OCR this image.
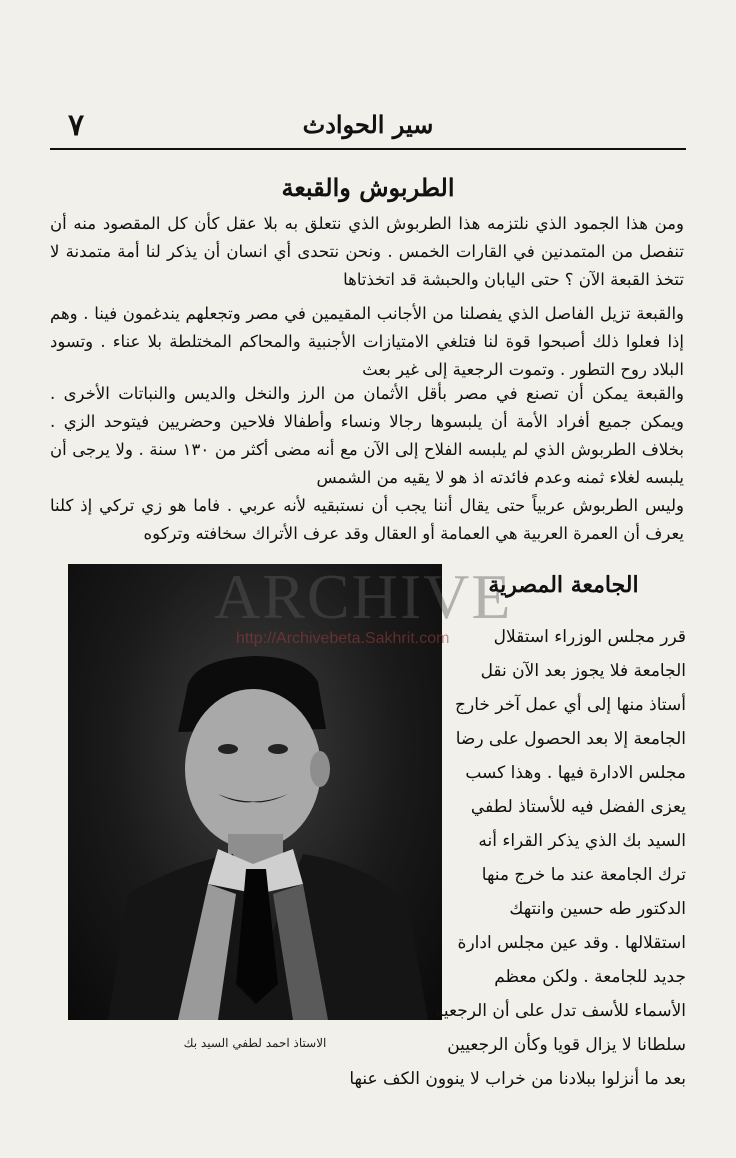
٧	سير الحوادث
الطربوش والقبعة

ومن هذا الجمود الذي نلتزمه هذا الطربوش الذي نتعلق به بلا عقل كأن كل المقصود منه أن تنفصل من المتمدنين في القارات الخمس . ونحن نتحدى أي انسان أن يذكر لنا أمة متمدنة لا تتخذ القبعة الآن ؟ حتى اليابان والحبشة قد اتخذتاها

والقبعة تزيل الفاصل الذي يفصلنا من الأجانب المقيمين في مصر وتجعلهم يندغمون فينا . وهم إذا فعلوا ذلك أصبحوا قوة لنا فتلغي الامتيازات الأجنبية والمحاكم المختلطة بلا عناء . وتسود البلاد روح التطور . وتموت الرجعية إلى غير بعث

والقبعة يمكن أن تصنع في مصر بأقل الأثمان من الرز والنخل والديس والنباتات الأخرى . ويمكن جميع أفراد الأمة أن يلبسوها رجالا ونساء وأطفالا فلاحين وحضريين فيتوحد الزي . بخلاف الطربوش الذي لم يلبسه الفلاح إلى الآن مع أنه مضى أكثر من ١٣٠ سنة . ولا يرجى أن يلبسه لغلاء ثمنه وعدم فائدته اذ هو لا يقيه من الشمس

وليس الطربوش عربياً حتى يقال أننا يجب أن نستبقيه لأنه عربي . فاما هو زي تركي إذ كلنا يعرف أن العمرة العربية هي العمامة أو العقال وقد عرف الأتراك سخافته وتركوه

الاستاذ احمد لطفي السيد بك
الجامعة المصرية

قرر مجلس الوزراء استقلال
الجامعة فلا يجوز بعد الآن نقل
أستاذ منها إلى أي عمل آخر خارج
الجامعة إلا بعد الحصول على رضا
مجلس الادارة فيها . وهذا كسب
يعزى الفضل فيه للأستاذ لطفي
السيد بك الذي يذكر القراء أنه
ترك الجامعة عند ما خرج منها
الدكتور طه حسين وانتهك
استقلالها . وقد عين مجلس ادارة
جديد للجامعة . ولكن معظم
الأسماء للأسف تدل على أن الرجعية
سلطانا لا يزال قويا وكأن الرجعيين

بعد ما أنزلوا ببلادنا من خراب لا ينوون الكف عنها

ARCHIVE
http://Archivebeta.Sakhrit.com
